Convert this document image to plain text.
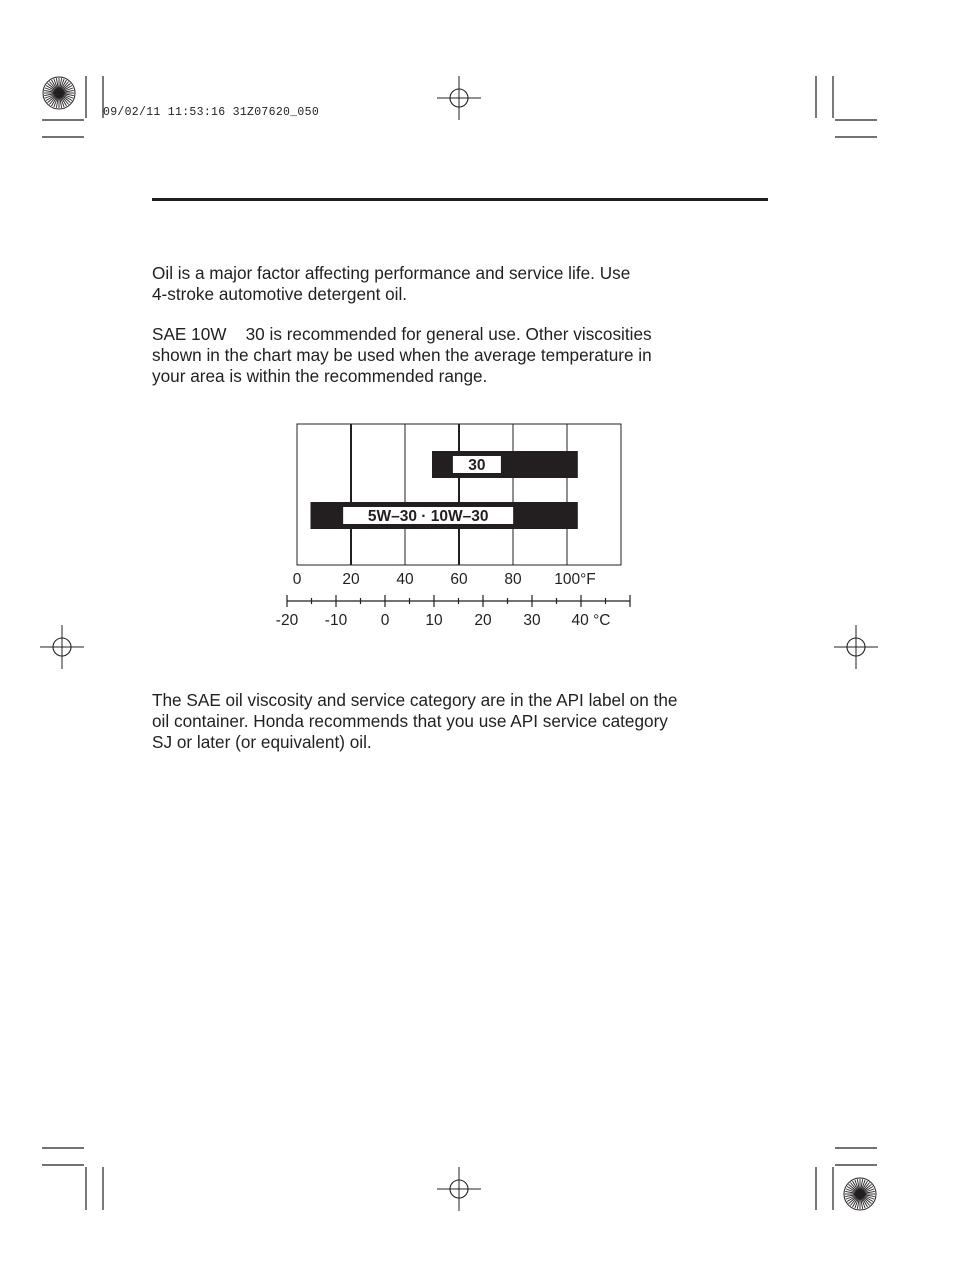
09/02/11 11:53:16 31Z07620_050

Oil is a major factor affecting performance and service life. Use
4-stroke automotive detergent oil.

SAE 10W    30 is recommended for general use. Other viscosities
shown in the chart may be used when the average temperature in
your area is within the recommended range.

30
5W–30 · 10W–30
0	20 40 60 80 100°F
-20 -10 0 10 20 30 40 °C

The SAE oil viscosity and service category are in the API label on the
oil container. Honda recommends that you use API service category
SJ or later (or equivalent) oil.
